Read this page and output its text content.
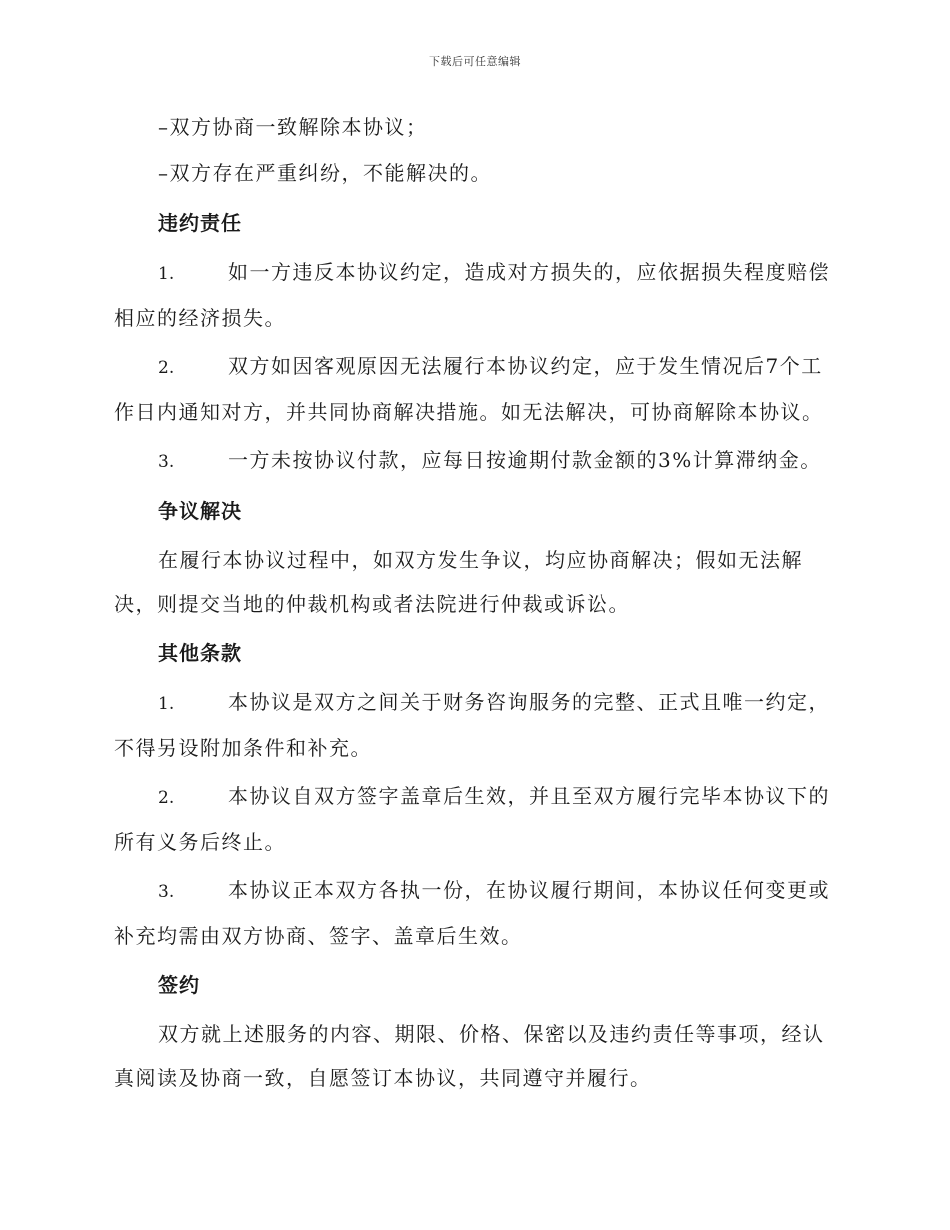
下载后可任意编辑

–双方协商一致解除本协议；

–双方存在严重纠纷，不能解决的。

违约责任

1.	如一方违反本协议约定，造成对方损失的，应依据损失程度赔偿相应的经济损失。

2.	双方如因客观原因无法履行本协议约定，应于发生情况后7个工作日内通知对方，并共同协商解决措施。如无法解决，可协商解除本协议。

3.	一方未按协议付款，应每日按逾期付款金额的3%计算滞纳金。

争议解决

在履行本协议过程中，如双方发生争议，均应协商解决；假如无法解决，则提交当地的仲裁机构或者法院进行仲裁或诉讼。

其他条款

1.	本协议是双方之间关于财务咨询服务的完整、正式且唯一约定，不得另设附加条件和补充。

2.	本协议自双方签字盖章后生效，并且至双方履行完毕本协议下的所有义务后终止。

3.	本协议正本双方各执一份，在协议履行期间，本协议任何变更或补充均需由双方协商、签字、盖章后生效。

签约

双方就上述服务的内容、期限、价格、保密以及违约责任等事项，经认真阅读及协商一致，自愿签订本协议，共同遵守并履行。
